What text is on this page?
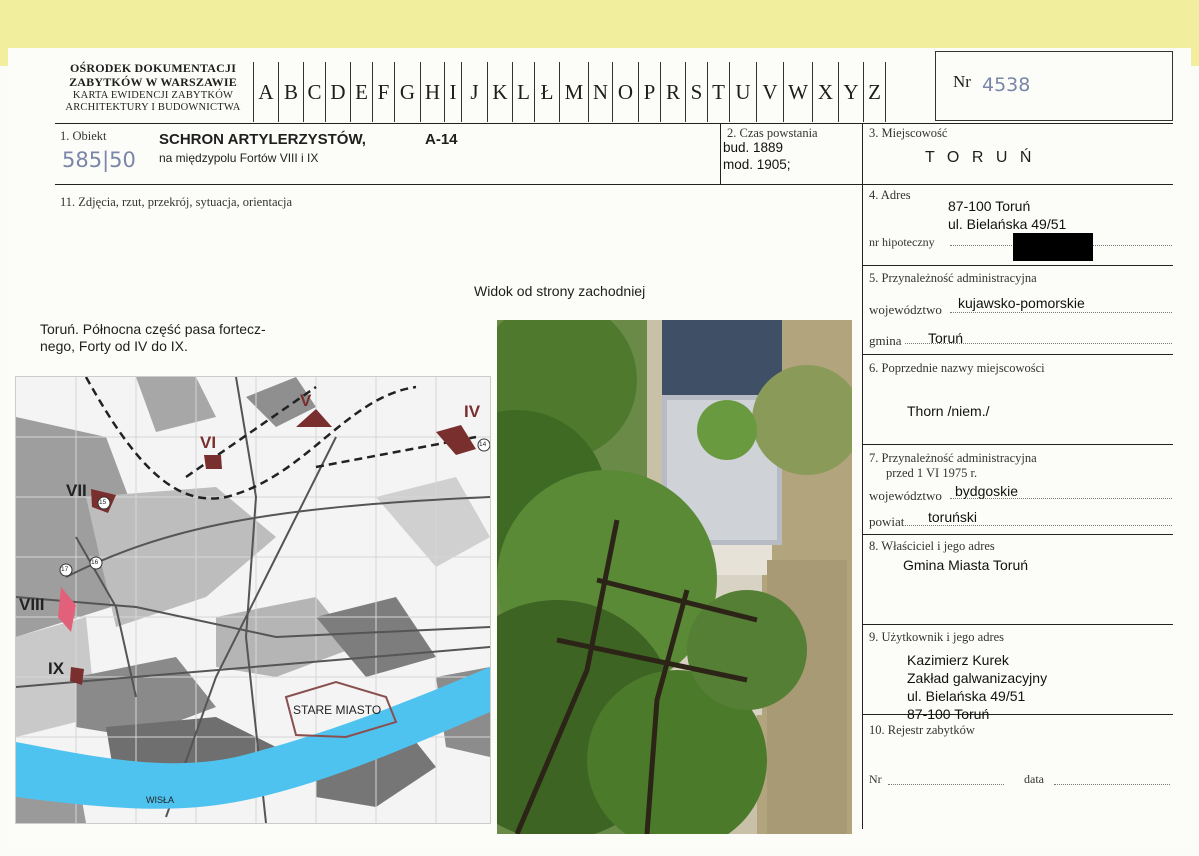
OŚRODEK DOKUMENTACJI
ZABYTKÓW W WARSZAWIE
KARTA EWIDENCJI ZABYTKÓW
ARCHITEKTURY I BUDOWNICTWA
A B C D E F G H I J K L Ł M N O P R S T U V W X Y Z	Nr 4538
1. Obiekt
585|50
SCHRON ARTYLERZYSTÓW,	A-14
na międzypolu Fortów VIII i IX
2. Czas powstania
bud. 1889
mod. 1905;
3. Miejscowość
T O R U Ń
11. Zdjęcia, rzut, przekrój, sytuacja, orientacja
Widok od strony zachodniej
Toruń. Północna część pasa fortecz-
nego, Forty od IV do IX.
V
IV
VI
VII
VIII
IX
STARE MIASTO
WISŁA
14
15
16
17
4. Adres
87-100 Toruń
ul. Bielańska 49/51
nr hipoteczny
5. Przynależność administracyjna
województwo kujawsko-pomorskie
gmina Toruń
6. Poprzednie nazwy miejscowości
Thorn /niem./
7. Przynależność administracyjna
przed 1 VI 1975 r.
województwo bydgoskie
powiat toruński
8. Właściciel i jego adres
Gmina Miasta Toruń
9. Użytkownik i jego adres
Kazimierz Kurek
Zakład galwanizacyjny
ul. Bielańska 49/51
87-100 Toruń
10. Rejestr zabytków
Nr	data
